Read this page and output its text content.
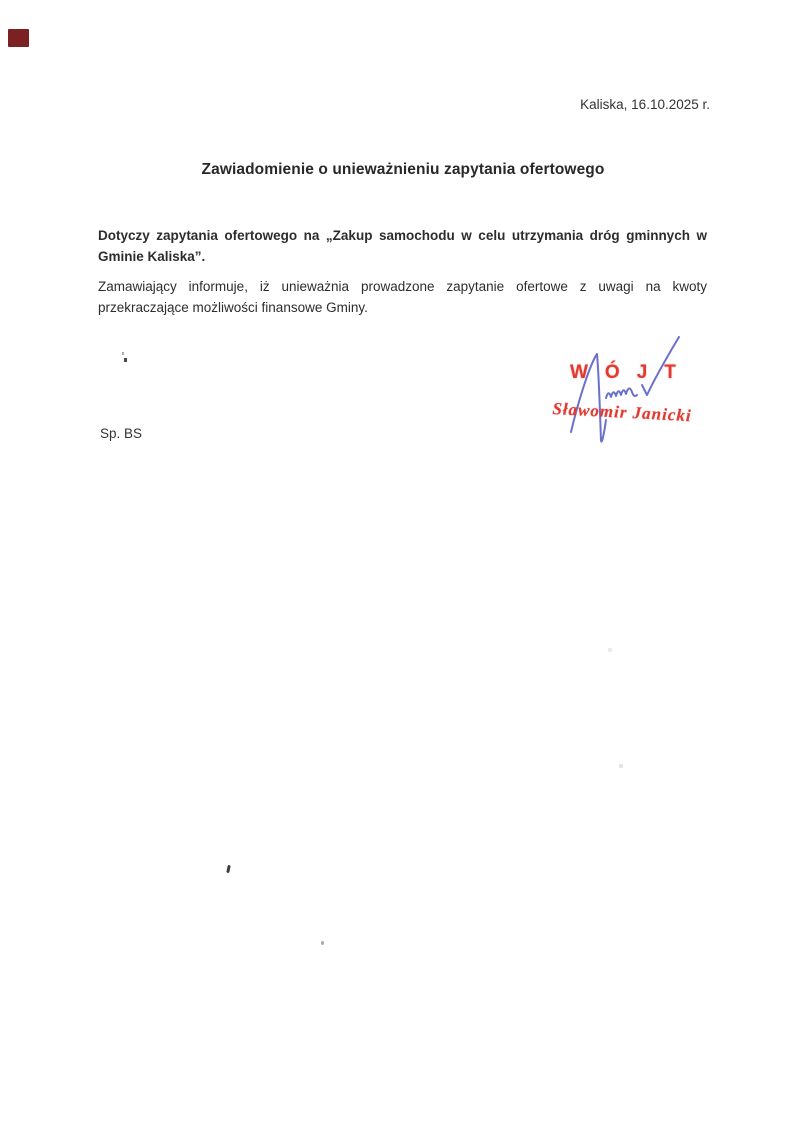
Kaliska, 16.10.2025 r.
Zawiadomienie o unieważnieniu zapytania ofertowego
Dotyczy zapytania ofertowego na „Zakup samochodu w celu utrzymania dróg gminnych w Gminie Kaliska”.
Zamawiający informuje, iż unieważnia prowadzone zapytanie ofertowe z uwagi na kwoty przekraczające możliwości finansowe Gminy.
WÓJT
Sławomir Janicki
Sp. BS
